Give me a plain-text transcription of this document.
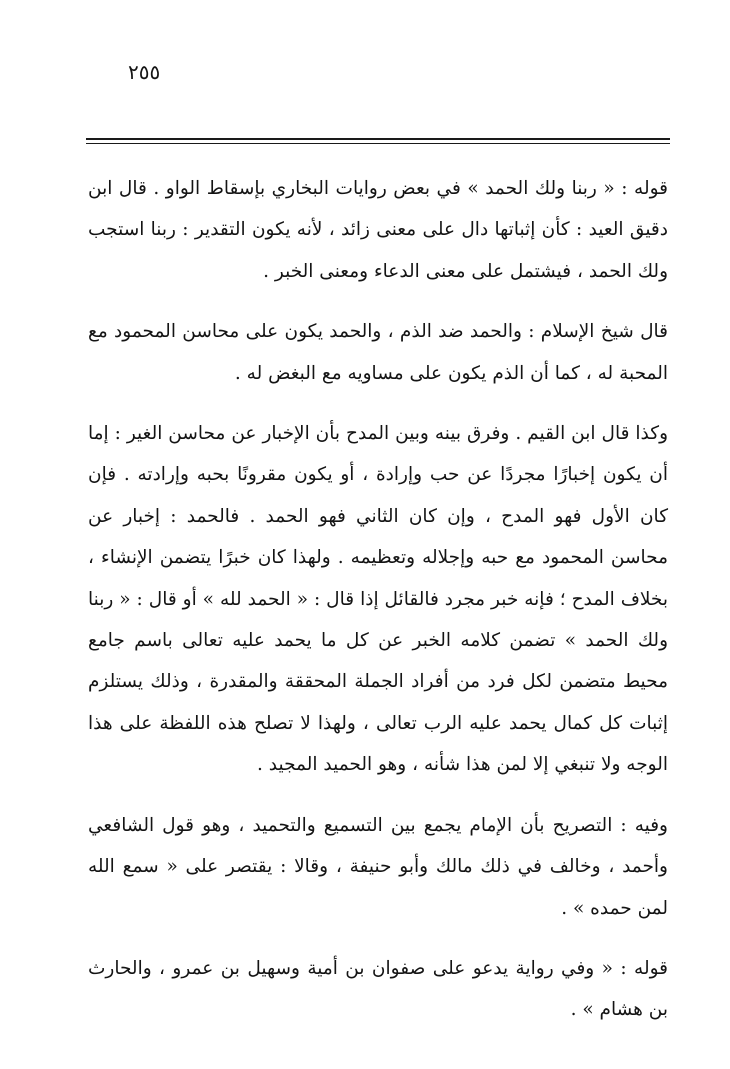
٢٥٥

قوله : « ربنا ولك الحمد » في بعض روايات البخاري بإسقاط الواو . قال ابن دقيق العيد : كأن إثباتها دال على معنى زائد ، لأنه يكون التقدير : ربنا استجب ولك الحمد ، فيشتمل على معنى الدعاء ومعنى الخبر .

قال شيخ الإسلام : والحمد ضد الذم ، والحمد يكون على محاسن المحمود مع المحبة له ، كما أن الذم يكون على مساويه مع البغض له .

وكذا قال ابن القيم . وفرق بينه وبين المدح بأن الإخبار عن محاسن الغير : إما أن يكون إخبارًا مجردًا عن حب وإرادة ، أو يكون مقرونًا بحبه وإرادته . فإن كان الأول فهو المدح ، وإن كان الثاني فهو الحمد . فالحمد : إخبار عن محاسن المحمود مع حبه وإجلاله وتعظيمه . ولهذا كان خبرًا يتضمن الإنشاء ، بخلاف المدح ؛ فإنه خبر مجرد فالقائل إذا قال : « الحمد لله » أو قال : « ربنا ولك الحمد » تضمن كلامه الخبر عن كل ما يحمد عليه تعالى باسم جامع محيط متضمن لكل فرد من أفراد الجملة المحققة والمقدرة ، وذلك يستلزم إثبات كل كمال يحمد عليه الرب تعالى ، ولهذا لا تصلح هذه اللفظة على هذا الوجه ولا تنبغي إلا لمن هذا شأنه ، وهو الحميد المجيد .

وفيه : التصريح بأن الإمام يجمع بين التسميع والتحميد ، وهو قول الشافعي وأحمد ، وخالف في ذلك مالك وأبو حنيفة ، وقالا : يقتصر على « سمع الله لمن حمده » .

قوله : « وفي رواية يدعو على صفوان بن أمية وسهيل بن عمرو ، والحارث بن هشام » .
